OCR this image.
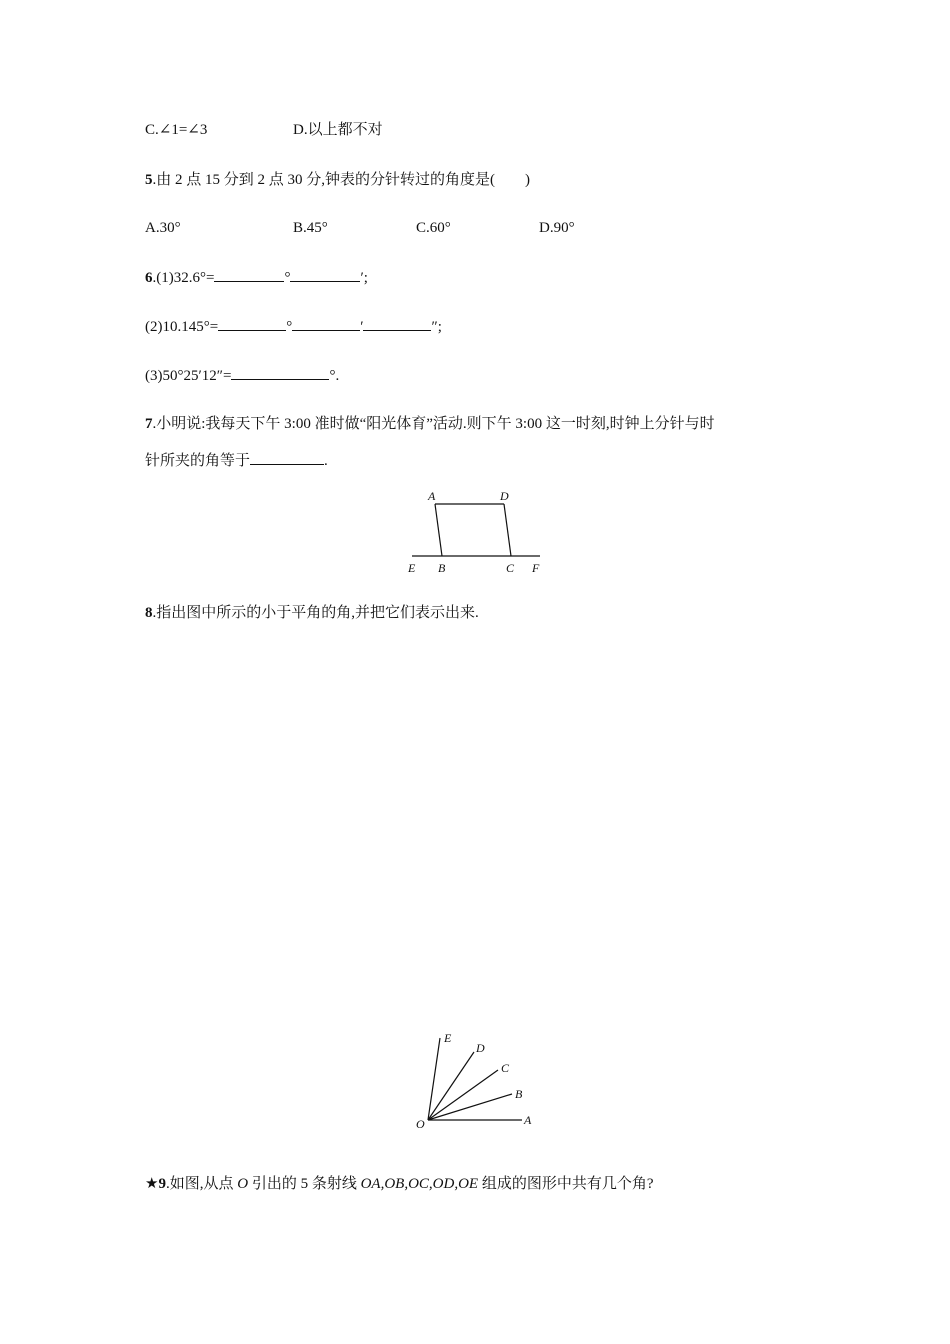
C.∠1=∠3	D.以上都不对
5.由 2 点 15 分到 2 点 30 分,钟表的分针转过的角度是(　　)
A.30°	B.45°	C.60°	D.90°
6.(1)32.6°=	°	′;
(2)10.145°=	°	′	″;
(3)50°25′12″=	°.
7.小明说:我每天下午 3:00 准时做“阳光体育”活动.则下午 3:00 这一时刻,时钟上分针与时
针所夹的角等于	.
A	D
E B	C F
8.指出图中所示的小于平角的角,并把它们表示出来.
E
D
C
B
A
O
★9.如图,从点 O 引出的 5 条射线 OA,OB,OC,OD,OE 组成的图形中共有几个角?
